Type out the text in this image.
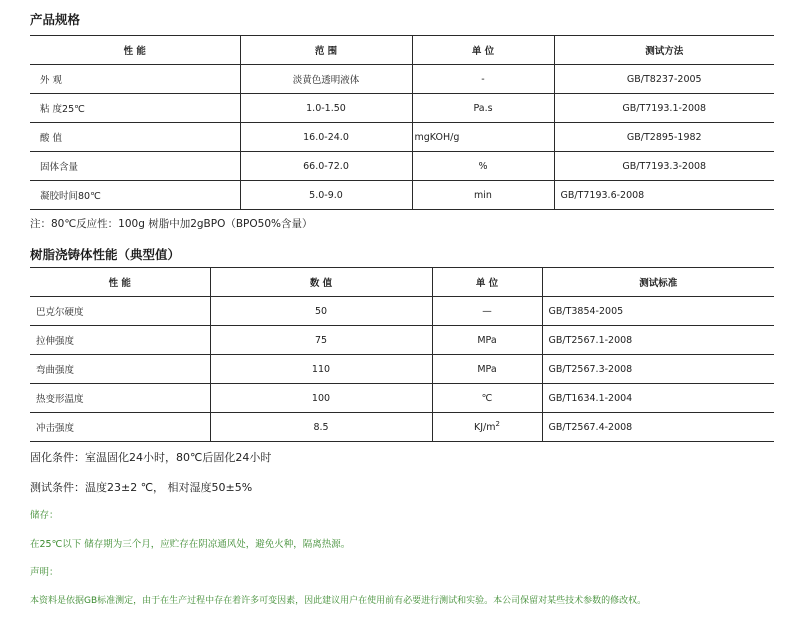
产品规格
性 能	范 围	单 位	测试方法
外 观	淡黄色透明液体	-	GB/T8237-2005
粘 度25℃	1.0-1.50	Pa.s	GB/T7193.1-2008
酸 值	16.0-24.0	mgKOH/g	GB/T2895-1982
固体含量	66.0-72.0	%	GB/T7193.3-2008
凝胶时间80℃	5.0-9.0	min	GB/T7193.6-2008
注：80℃反应性：100g 树脂中加2gBPO（BPO50%含量）
树脂浇铸体性能（典型值）
性 能	数 值	单 位	测试标准
巴克尔硬度	50	—	GB/T3854-2005
拉伸强度	75	MPa	GB/T2567.1-2008
弯曲强度	110	MPa	GB/T2567.3-2008
热变形温度	100	℃	GB/T1634.1-2004
冲击强度	8.5	$KJ/m^2$	GB/T2567.4-2008
固化条件：室温固化24小时，80℃后固化24小时
测试条件：温度23±2 ℃， 相对湿度50±5%
储存：
在25℃以下 储存期为三个月，应贮存在阴凉通风处，避免火种，隔离热源。
声明：
本资料是依据GB标准测定，由于在生产过程中存在着许多可变因素，因此建议用户在使用前有必要进行测试和实验。本公司保留对某些技术参数的修改权。
